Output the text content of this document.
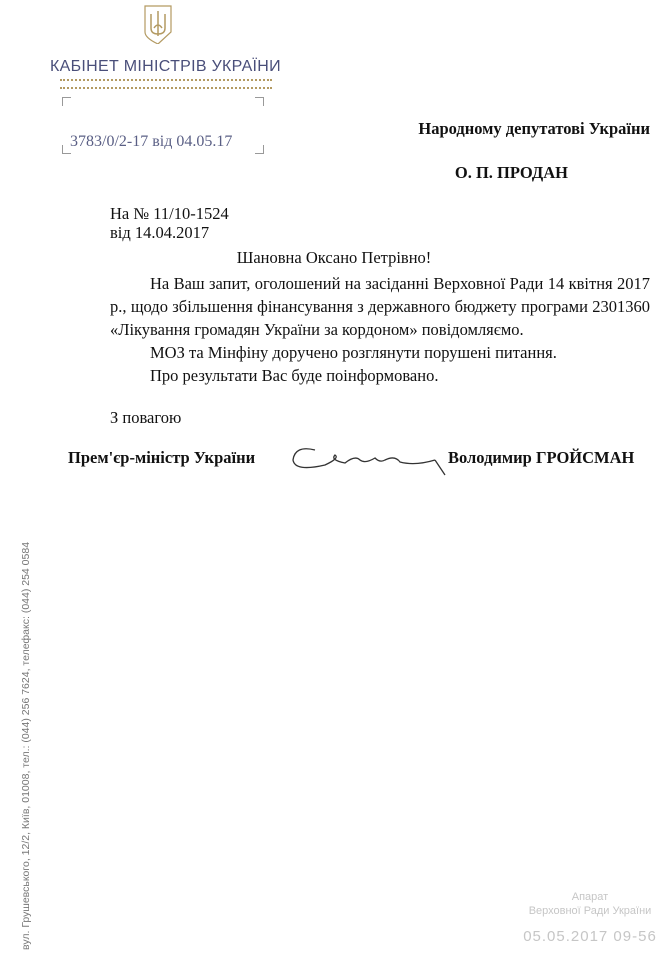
КАБІНЕТ МІНІСТРІВ УКРАЇНИ
3783/0/2-17 від 04.05.17
Народному депутатові України
О. П. ПРОДАН
На № 11/10-1524
від 14.04.2017
Шановна Оксано Петрівно!

На Ваш запит, оголошений на засіданні Верховної Ради 14 квітня 2017 р., щодо збільшення фінансування з державного бюджету програми 2301360 «Лікування громадян України за кордоном» повідомляємо.

МОЗ та Мінфіну доручено розглянути порушені питання.

Про результати Вас буде поінформовано.

З повагою
Прем'єр-міністр України	Володимир ГРОЙСМАН
вул. Грушевського, 12/2, Київ, 01008, тел.: (044) 256 7624, телефакс: (044) 254 0584	Апарат
Верховної Ради України
05.05.2017 09-56
